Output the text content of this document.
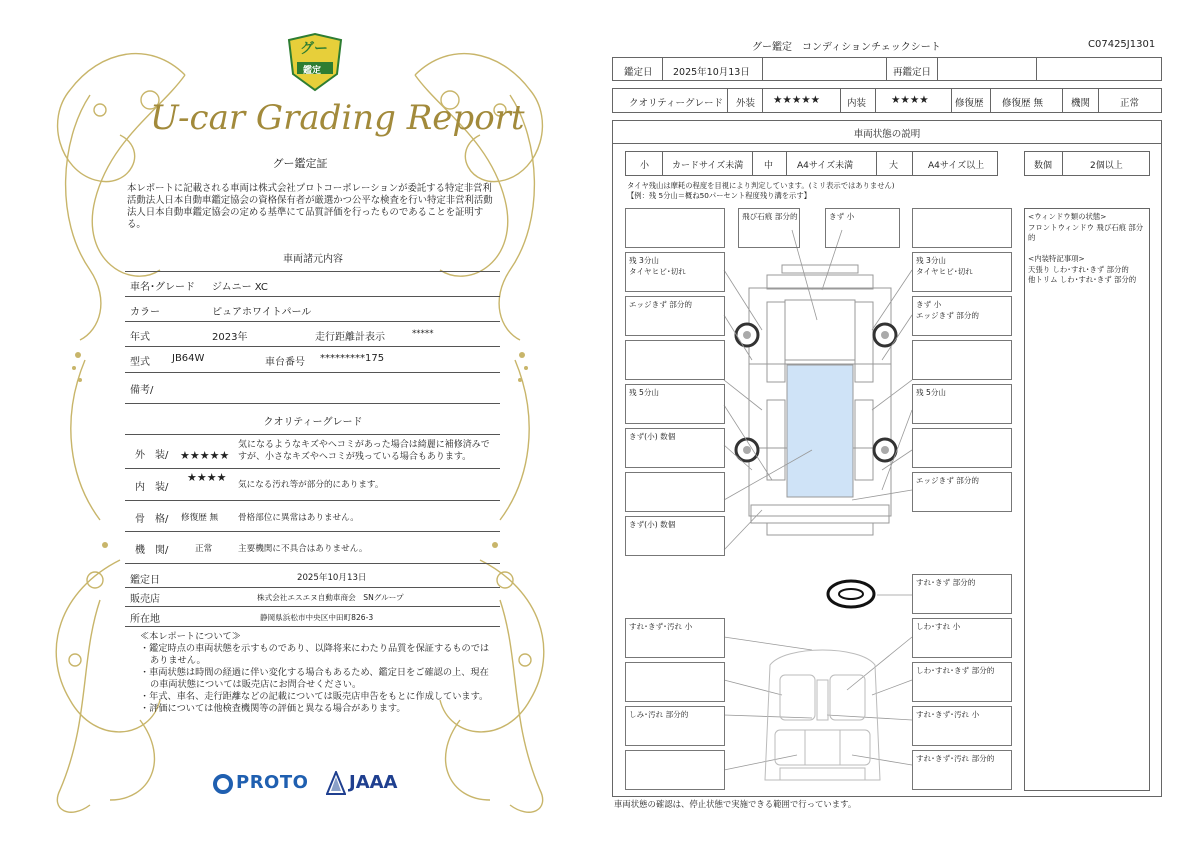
グー
鑑定
U-car Grading Report
グー鑑定証
本レポートに記載される車両は株式会社プロトコーポレーションが委託する特定非営利活動法人日本自動車鑑定協会の資格保有者が厳選かつ公平な検査を行い特定非営利活動法人日本自動車鑑定協会の定める基準にて品質評価を行ったものであることを証明する。
車両諸元内容
車名･グレード ジムニー XC
カラー	ピュアホワイトパール
年式	2023年	走行距離計表示	*****
型式 JB64W	車台番号 *********175
備考/
クオリティーグレード
外　装/ ★★★★★
気になるようなキズやヘコミがあった場合は綺麗に補修済みですが、小さなキズやヘコミが残っている場合もあります。
内　装/
★★★★
気になる汚れ等が部分的にあります。
骨　格/ 修復歴 無 骨格部位に異常はありません。
機　関/	正常	主要機関に不具合はありません。
鑑定日	2025年10月13日
販売店	株式会社エスエヌ自動車商会　SNグループ
所在地	静岡県浜松市中央区中田町826-3
≪本レポートについて≫
・鑑定時点の車両状態を示すものであり、以降将来にわたり品質を保証するものではありません。
・車両状態は時間の経過に伴い変化する場合もあるため、鑑定日をご確認の上、現在の車両状態については販売店にお問合せください。
・年式、車名、走行距離などの記載については販売店申告をもとに作成しています。
・評価については他検査機関等の評価と異なる場合があります。
PROTO JAAA
グー鑑定　コンディションチェックシート	C07425J1301
鑑定日 2025年10月13日	再鑑定日
クオリティーグレード 外装 ★★★★★	内装 ★★★★	修復歴 修復歴 無	機関	正常
車両状態の説明
小	カードサイズ未満 中	A4サイズ未満	大	A4サイズ以上	数個	2個以上
タイヤ残山は摩耗の程度を目視により判定しています。(ミリ表示ではありません)
【例：残 5分山＝概ね50パーセント程度残り溝を示す】
飛び石痕 部分的	きず 小
残 3分山
タイヤヒビ･切れ
残 3分山
タイヤヒビ･切れ
エッジきず 部分的	きず 小
エッジきず 部分的
残 5分山	残 5分山
きず(小) 数個
エッジきず 部分的
きず(小) 数個
すれ･きず 部分的
すれ･きず･汚れ 小	しわ･すれ 小
しわ･すれ･きず 部分的
しみ･汚れ 部分的	すれ･きず･汚れ 小
すれ･きず･汚れ 部分的
<ウィンドウ類の状態>
フロントウィンドウ 飛び石痕 部分的

<内装特記事項>
天張り しわ･すれ･きず 部分的
他トリム しわ･すれ･きず 部分的
車両状態の確認は、停止状態で実施できる範囲で行っています。
